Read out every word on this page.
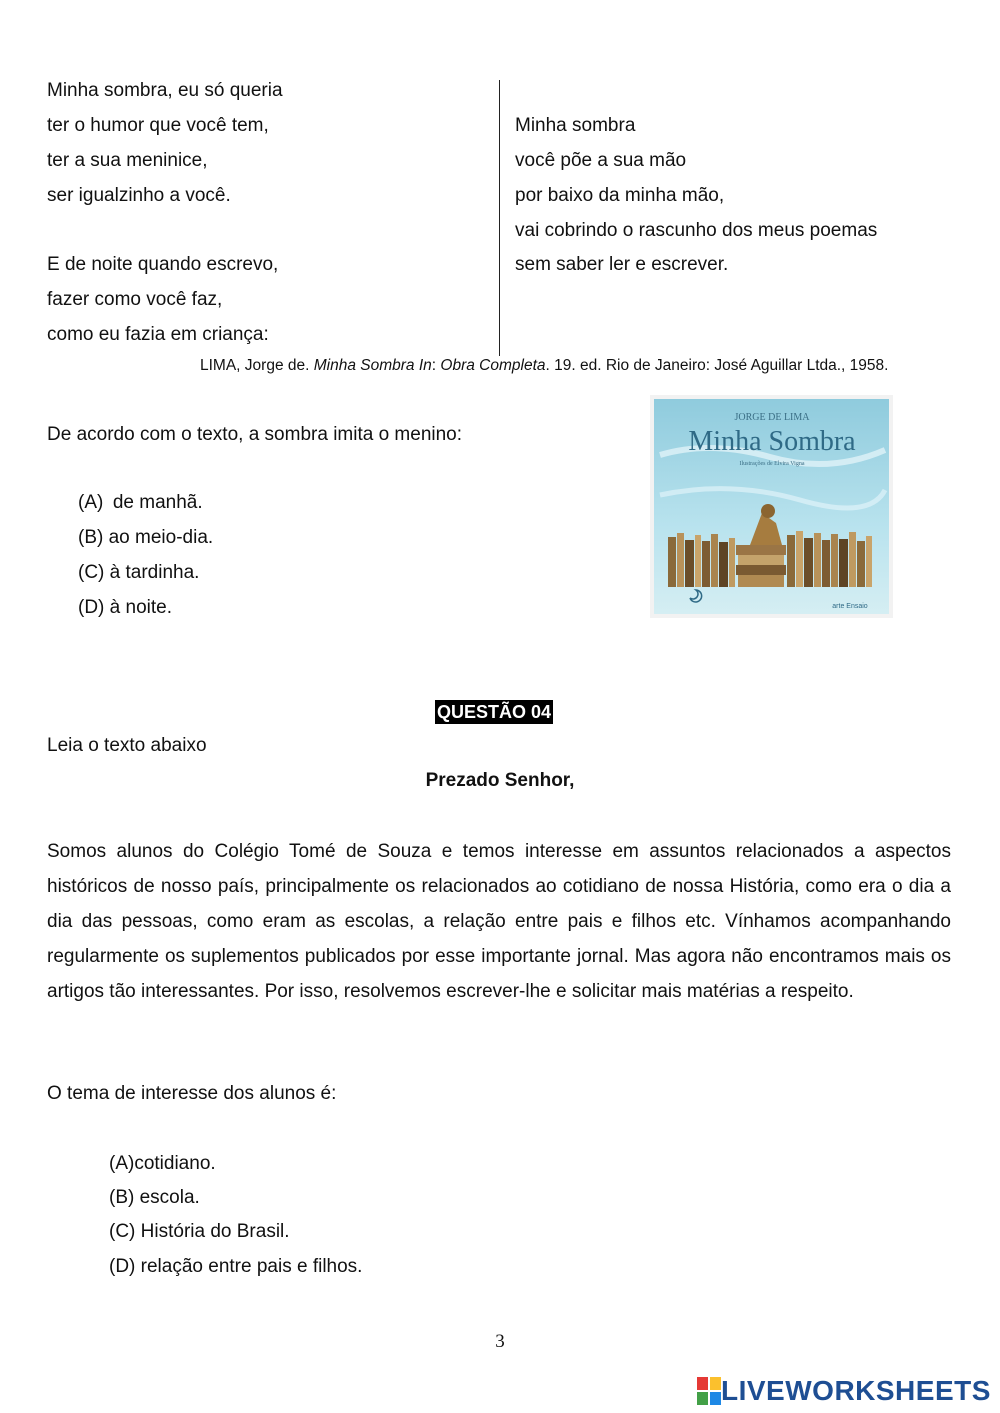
Minha sombra, eu só queria
ter o humor que você tem,
ter a sua meninice,
ser igualzinho a você.
E de noite quando escrevo,
fazer como você faz,
como eu fazia em criança:
Minha sombra
você põe a sua mão
por baixo da minha mão,
vai cobrindo o rascunho dos meus poemas
sem saber ler e escrever.
LIMA, Jorge de. Minha Sombra In: Obra Completa. 19. ed. Rio de Janeiro: José Aguillar Ltda., 1958.
De acordo com o texto, a sombra imita o menino:
(A) de manhã.
(B) ao meio-dia.
(C) à tardinha.
(D) à noite.
JORGE DE LIMA
Minha Sombra
Ilustrações de Elvira Vigna
arte Ensaio
QUESTÃO 04
Leia o texto abaixo
Prezado Senhor,
Somos alunos do Colégio Tomé de Souza e temos interesse em assuntos relacionados a aspectos históricos de nosso país, principalmente os relacionados ao cotidiano de nossa História, como era o dia a dia das pessoas, como eram as escolas, a relação entre pais e filhos etc. Vínhamos acompanhando regularmente os suplementos publicados por esse importante jornal. Mas agora não encontramos mais os artigos tão interessantes. Por isso, resolvemos escrever-lhe e solicitar mais matérias a respeito.
O tema de interesse dos alunos é:
(A)cotidiano.
(B) escola.
(C) História do Brasil.
(D) relação entre pais e filhos.
3
LIVEWORKSHEETS
